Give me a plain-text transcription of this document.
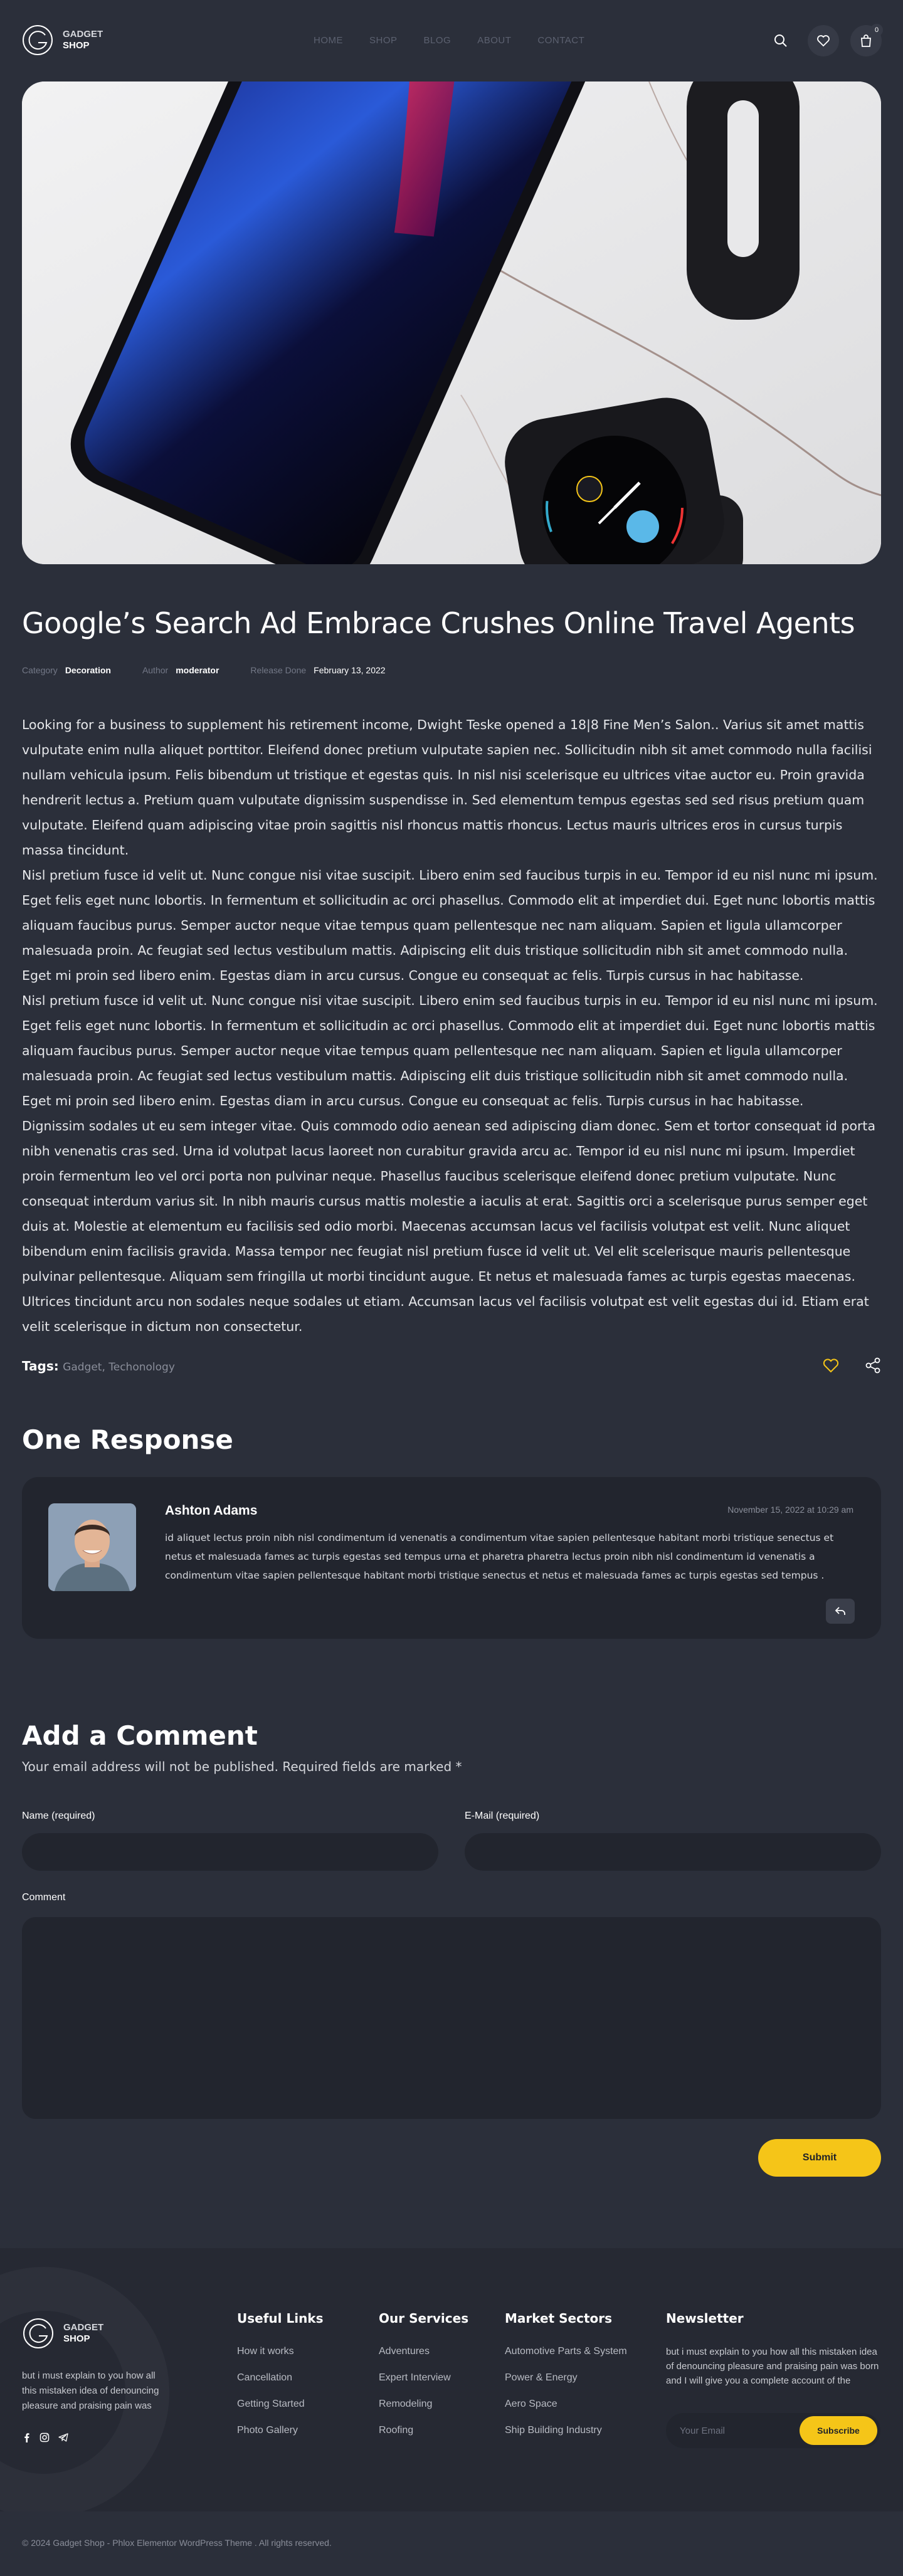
GADGET
SHOP	HOME	SHOP	BLOG	ABOUT	CONTACT
0
Google’s Search Ad Embrace Crushes Online Travel Agents
Category Decoration	Author moderator	Release Done February 13, 2022

Looking for a business to supplement his retirement income, Dwight Teske opened a 18|8 Fine Men’s Salon.. Varius sit amet mattis vulputate enim nulla aliquet porttitor. Eleifend donec pretium vulputate sapien nec. Sollicitudin nibh sit amet commodo nulla facilisi nullam vehicula ipsum. Felis bibendum ut tristique et egestas quis. In nisl nisi scelerisque eu ultrices vitae auctor eu. Proin gravida hendrerit lectus a. Pretium quam vulputate dignissim suspendisse in. Sed elementum tempus egestas sed sed risus pretium quam vulputate. Eleifend quam adipiscing vitae proin sagittis nisl rhoncus mattis rhoncus. Lectus mauris ultrices eros in cursus turpis massa tincidunt.

Nisl pretium fusce id velit ut. Nunc congue nisi vitae suscipit. Libero enim sed faucibus turpis in eu. Tempor id eu nisl nunc mi ipsum. Eget felis eget nunc lobortis. In fermentum et sollicitudin ac orci phasellus. Commodo elit at imperdiet dui. Eget nunc lobortis mattis aliquam faucibus purus. Semper auctor neque vitae tempus quam pellentesque nec nam aliquam. Sapien et ligula ullamcorper malesuada proin. Ac feugiat sed lectus vestibulum mattis. Adipiscing elit duis tristique sollicitudin nibh sit amet commodo nulla. Eget mi proin sed libero enim. Egestas diam in arcu cursus. Congue eu consequat ac felis. Turpis cursus in hac habitasse.

Nisl pretium fusce id velit ut. Nunc congue nisi vitae suscipit. Libero enim sed faucibus turpis in eu. Tempor id eu nisl nunc mi ipsum. Eget felis eget nunc lobortis. In fermentum et sollicitudin ac orci phasellus. Commodo elit at imperdiet dui. Eget nunc lobortis mattis aliquam faucibus purus. Semper auctor neque vitae tempus quam pellentesque nec nam aliquam. Sapien et ligula ullamcorper malesuada proin. Ac feugiat sed lectus vestibulum mattis. Adipiscing elit duis tristique sollicitudin nibh sit amet commodo nulla. Eget mi proin sed libero enim. Egestas diam in arcu cursus. Congue eu consequat ac felis. Turpis cursus in hac habitasse.

Dignissim sodales ut eu sem integer vitae. Quis commodo odio aenean sed adipiscing diam donec. Sem et tortor consequat id porta nibh venenatis cras sed. Urna id volutpat lacus laoreet non curabitur gravida arcu ac. Tempor id eu nisl nunc mi ipsum. Imperdiet proin fermentum leo vel orci porta non pulvinar neque. Phasellus faucibus scelerisque eleifend donec pretium vulputate. Nunc consequat interdum varius sit. In nibh mauris cursus mattis molestie a iaculis at erat. Sagittis orci a scelerisque purus semper eget duis at. Molestie at elementum eu facilisis sed odio morbi. Maecenas accumsan lacus vel facilisis volutpat est velit. Nunc aliquet bibendum enim facilisis gravida. Massa tempor nec feugiat nisl pretium fusce id velit ut. Vel elit scelerisque mauris pellentesque pulvinar pellentesque. Aliquam sem fringilla ut morbi tincidunt augue. Et netus et malesuada fames ac turpis egestas maecenas. Ultrices tincidunt arcu non sodales neque sodales ut etiam. Accumsan lacus vel facilisis volutpat est velit egestas dui id. Etiam erat velit scelerisque in dictum non consectetur.

Tags: Gadget, Techonology
One Response
Ashton Adams	November 15, 2022 at 10:29 am
id aliquet lectus proin nibh nisl condimentum id venenatis a condimentum vitae sapien pellentesque habitant morbi tristique senectus et netus et malesuada fames ac turpis egestas sed tempus urna et pharetra pharetra lectus proin nibh nisl condimentum id venenatis a condimentum vitae sapien pellentesque habitant morbi tristique senectus et netus et malesuada fames ac turpis egestas sed tempus .
Add a Comment
Your email address will not be published. Required fields are marked *
Name (required)	E-Mail (required)
Comment
Submit
GADGET
SHOP
but i must explain to you how all this mistaken idea of denouncing pleasure and praising pain was
Useful Links
How it works
Cancellation
Getting Started
Photo Gallery
Our Services
Adventures
Expert Interview
Remodeling
Roofing
Market Sectors
Automotive Parts & System
Power & Energy
Aero Space
Ship Building Industry
Newsletter
but i must explain to you how all this mistaken idea of denouncing pleasure and praising pain was born and I will give you a complete account of the
Your Email
Subscribe
© 2024 Gadget Shop - Phlox Elementor WordPress Theme . All rights reserved.
